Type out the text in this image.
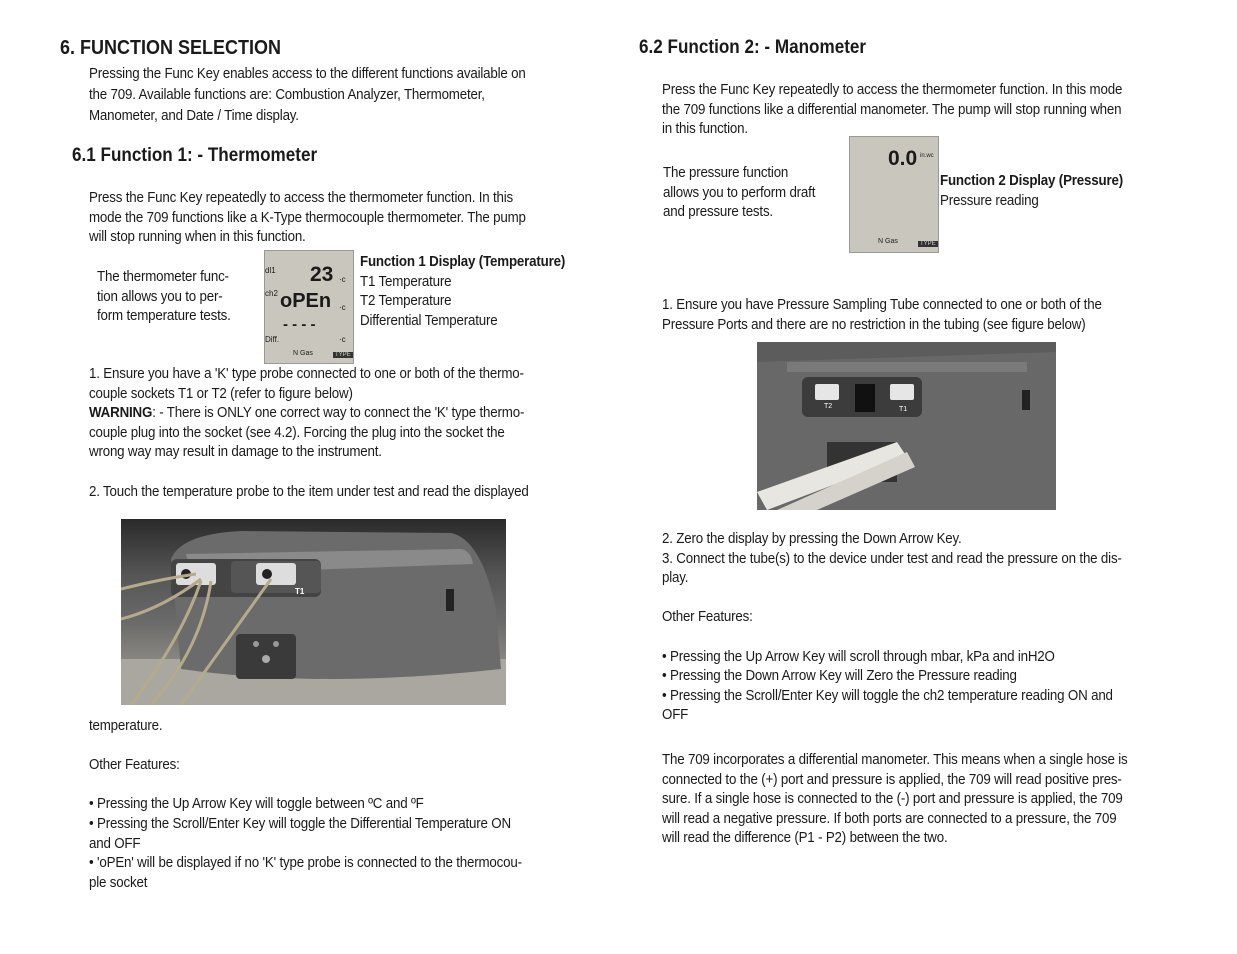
6. FUNCTION SELECTION

Pressing the Func Key enables access to the different functions available on

the 709. Available functions are: Combustion Analyzer, Thermometer,

Manometer, and Date / Time display.

6.1 Function 1: - Thermometer

Press the Func Key repeatedly to access the thermometer function. In this

mode the 709 functions like a K-Type thermocouple thermometer. The pump

will stop running when in this function.

The thermometer func-

tion allows you to per-

form temperature tests.

dl1 23 ·c
ch2 oPEn ·c
- - - -
Diff.	·c
N Gas	TYPE

Function 1 Display (Temperature)

T1 Temperature

T2 Temperature

Differential Temperature

1. Ensure you have a 'K' type probe connected to one or both of the thermo-

couple sockets T1 or T2 (refer to figure below)

WARNING: - There is ONLY one correct way to connect the 'K' type thermo-

couple plug into the socket (see 4.2). Forcing the plug into the socket the

wrong way may result in damage to the instrument.

2. Touch the temperature probe to the item under test and read the displayed

T1

temperature.

Other Features:

• Pressing the Up Arrow Key will toggle between ºC and ºF

• Pressing the Scroll/Enter Key will toggle the Differential Temperature ON

and OFF

• 'oPEn' will be displayed if no 'K' type probe is connected to the thermocou-

ple socket

6.2 Function 2: - Manometer

Press the Func Key repeatedly to access the thermometer function. In this mode

the 709 functions like a differential manometer. The pump will stop running when

in this function.

The pressure function

allows you to perform draft

and pressure tests.

0.0 in.wc
N Gas	TYPE

Function 2 Display (Pressure)

Pressure reading

1. Ensure you have Pressure Sampling Tube connected to one or both of the

Pressure Ports and there are no restriction in the tubing (see figure below)

T2	T1

2. Zero the display by pressing the Down Arrow Key.

3. Connect the tube(s) to the device under test and read the pressure on the dis-

play.

Other Features:

• Pressing the Up Arrow Key will scroll through mbar, kPa and inH2O

• Pressing the Down Arrow Key will Zero the Pressure reading

• Pressing the Scroll/Enter Key will toggle the ch2 temperature reading ON and

OFF

The 709 incorporates a differential manometer. This means when a single hose is

connected to the (+) port and pressure is applied, the 709 will read positive pres-

sure. If a single hose is connected to the (-) port and pressure is applied, the 709

will read a negative pressure. If both ports are connected to a pressure, the 709

will read the difference (P1 - P2) between the two.
